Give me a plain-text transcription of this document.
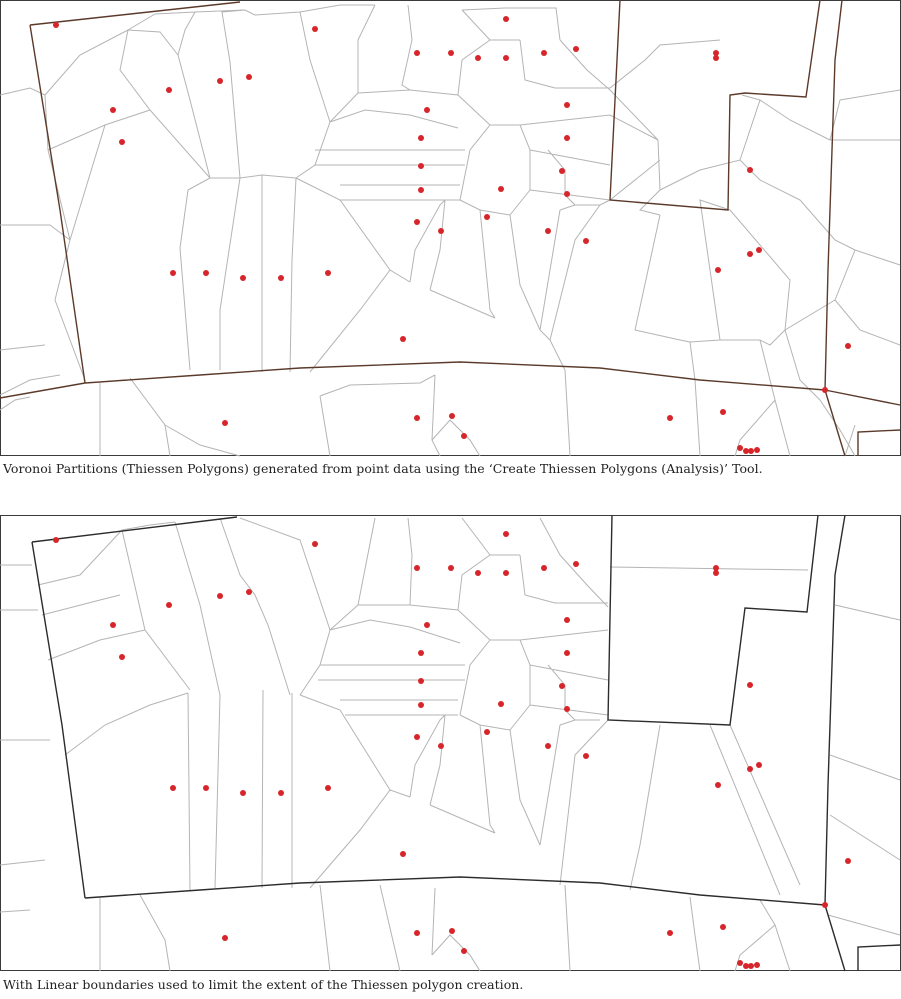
Voronoi Partitions (Thiessen Polygons) generated from point data using the ‘Create Thiessen Polygons (Analysis)’ Tool.
With Linear boundaries used to limit the extent of the Thiessen polygon creation.
